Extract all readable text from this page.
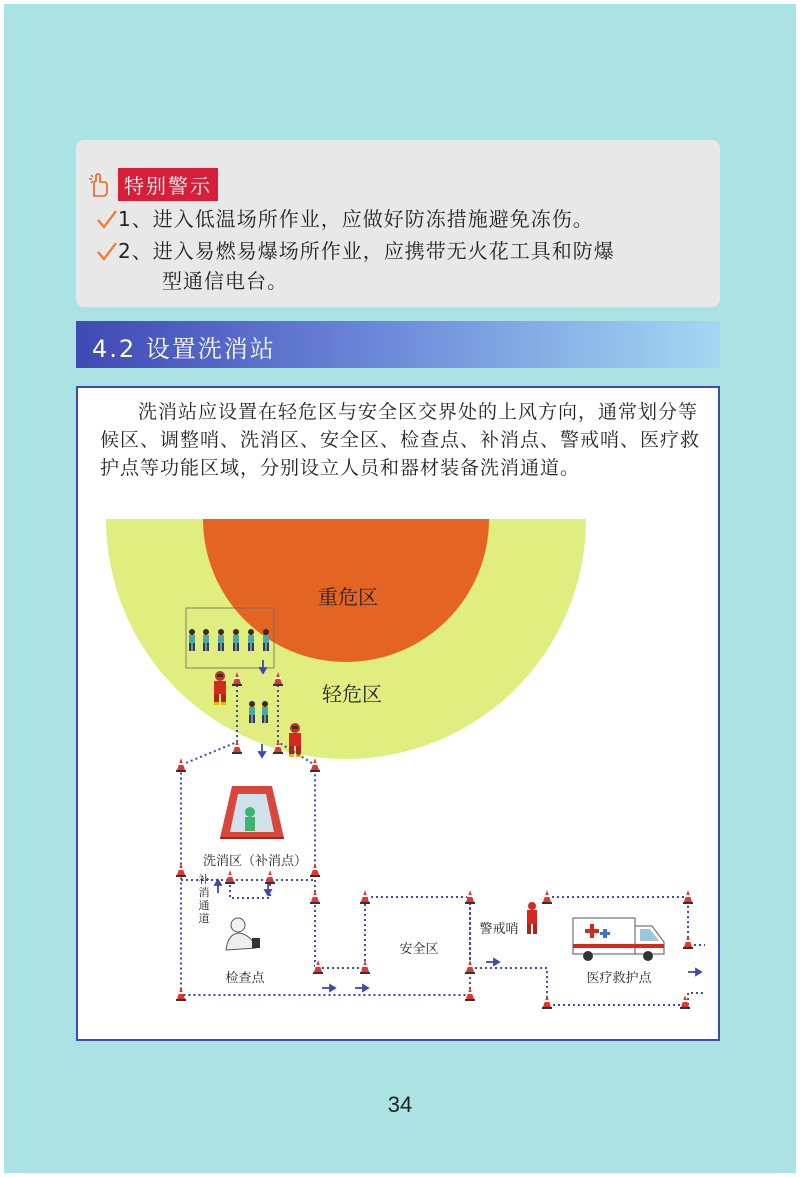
特别警示
1、进入低温场所作业，应做好防冻措施避免冻伤。
2、进入易燃易爆场所作业，应携带无火花工具和防爆
型通信电台。
4.2 设置洗消站

洗消站应设置在轻危区与安全区交界处的上风方向，通常划分等候区、调整哨、洗消区、安全区、检查点、补消点、警戒哨、医疗救护点等功能区域，分别设立人员和器材装备洗消通道。

重危区
轻危区
洗消区（补消点）
补
消
通
道
检查点
安全区
警戒哨
医疗救护点
34
